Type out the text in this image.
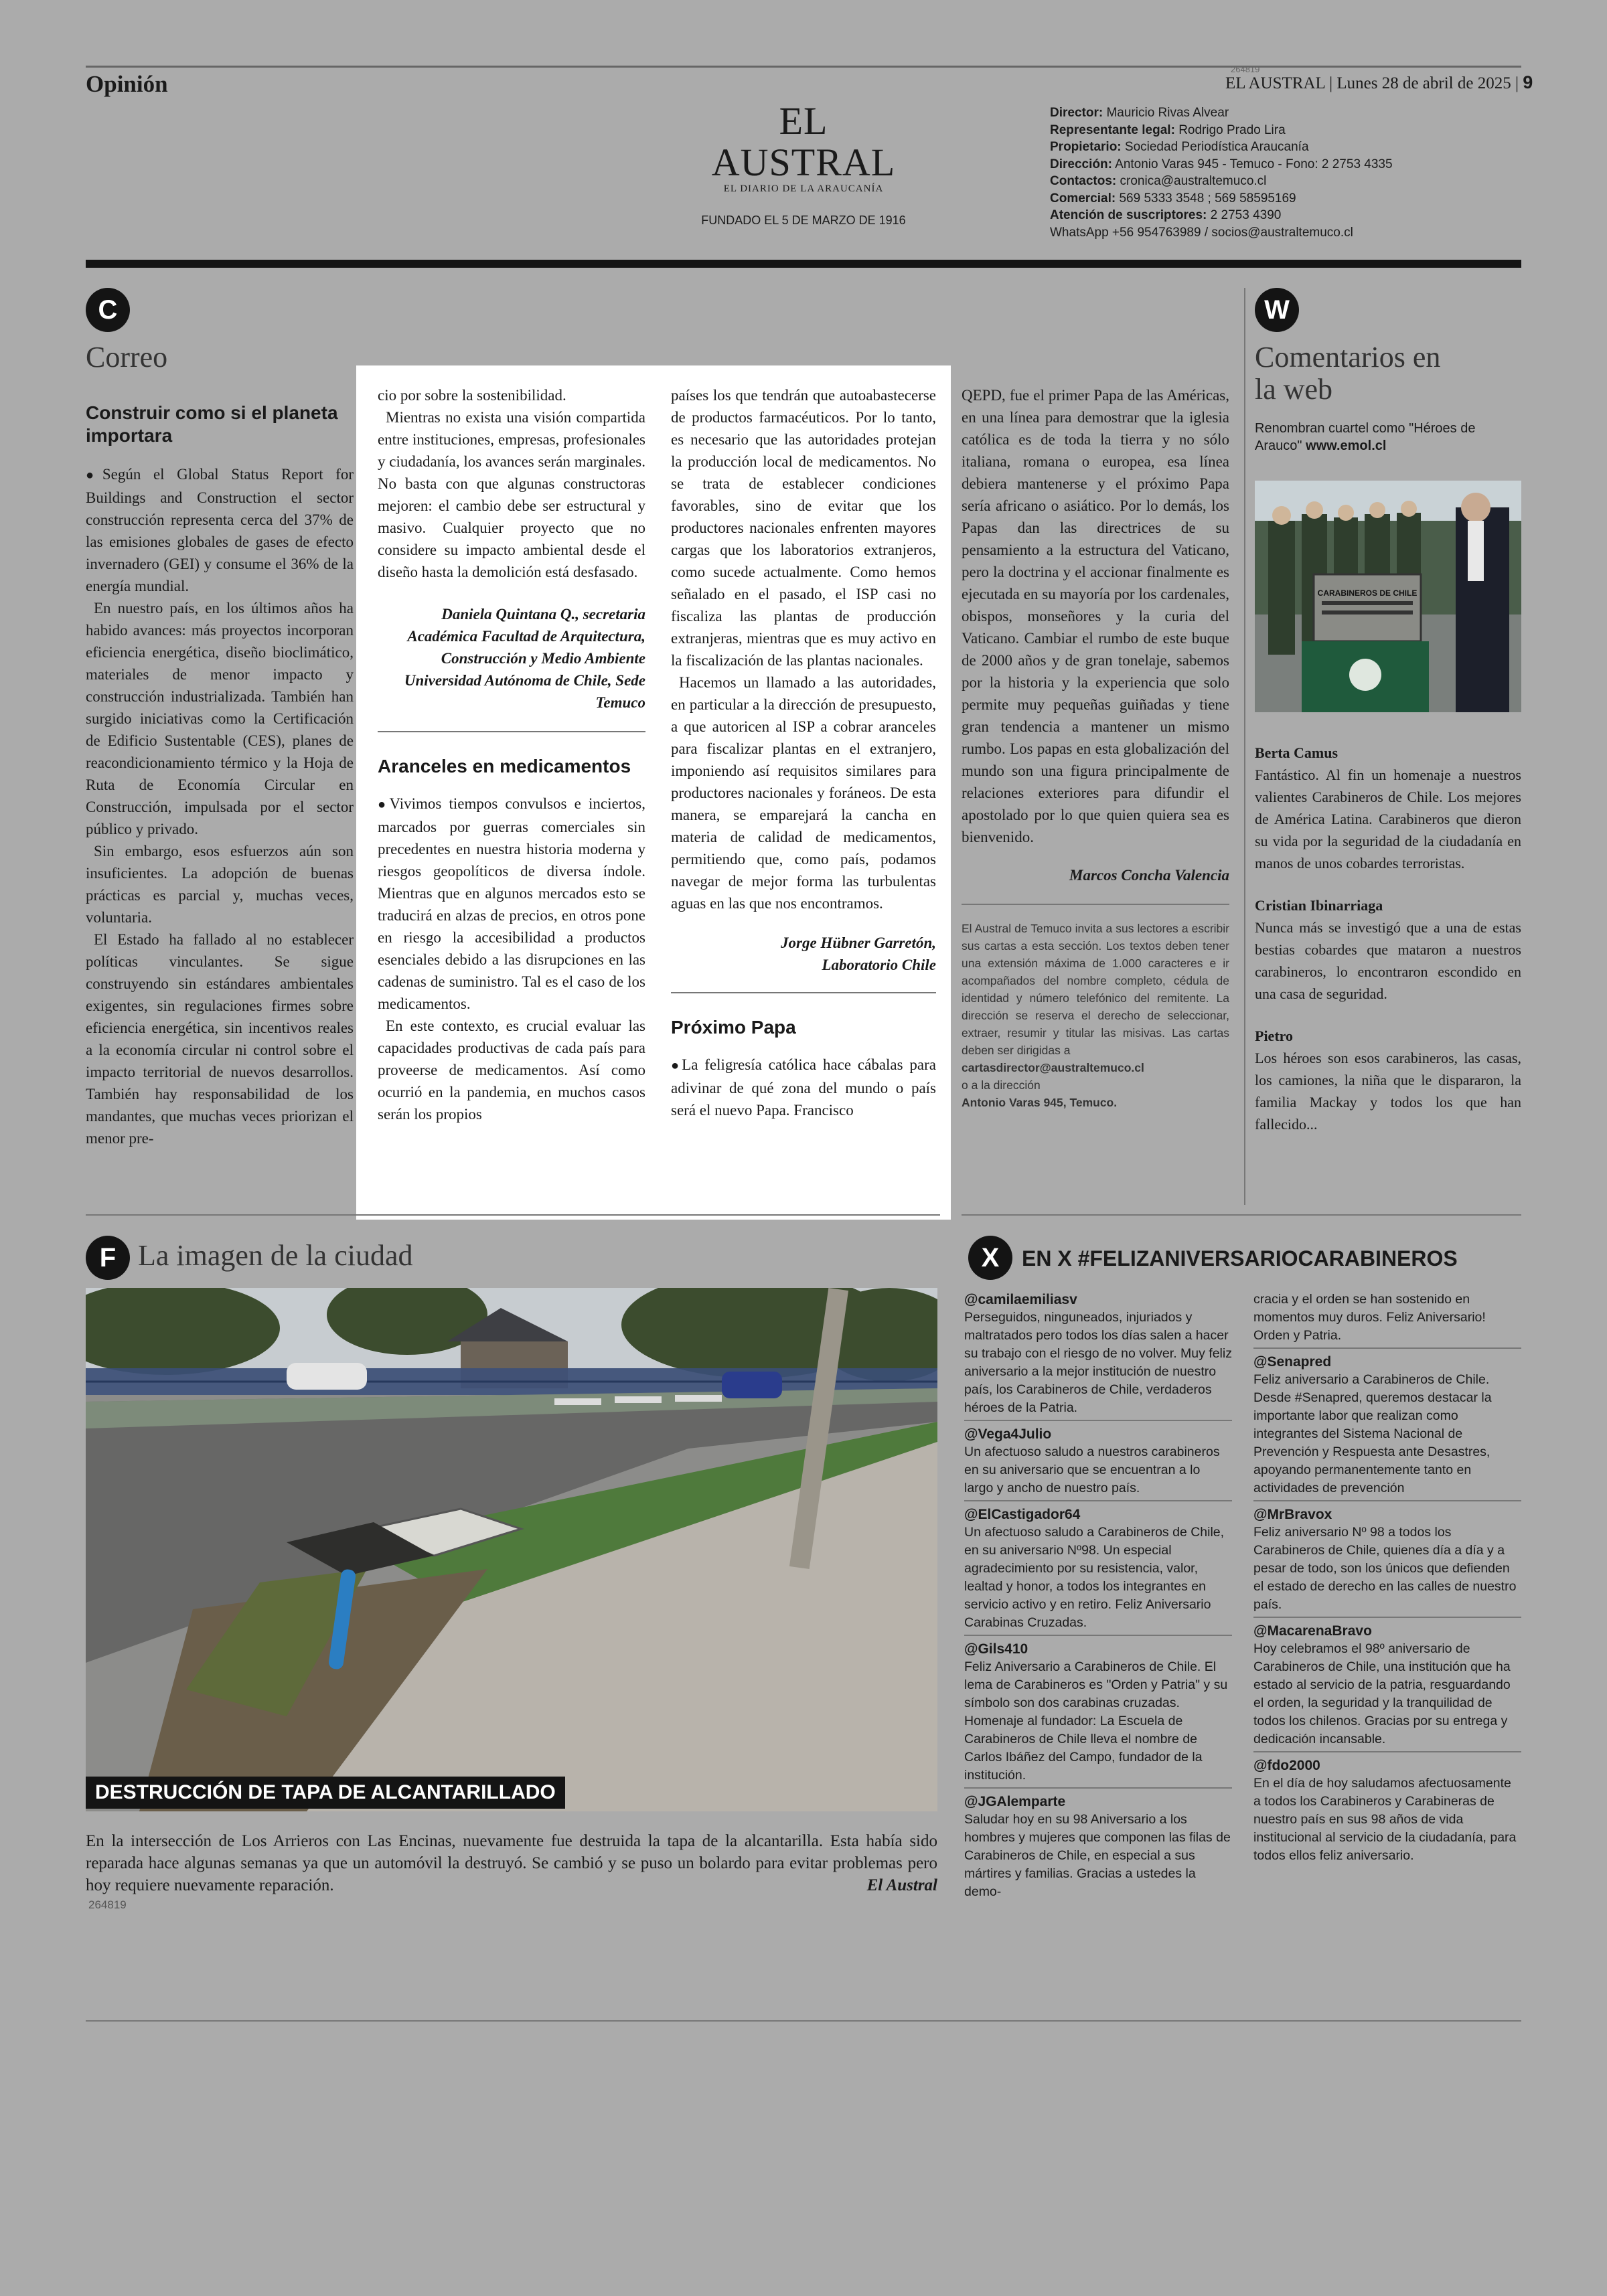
Opinión
264819
EL AUSTRAL | Lunes 28 de abril de 2025 | 9
EL AUSTRAL
EL DIARIO DE LA ARAUCANÍA
FUNDADO EL 5 DE MARZO DE 1916
Director: Mauricio Rivas Alvear
Representante legal: Rodrigo Prado Lira
Propietario: Sociedad Periodística Araucanía
Dirección: Antonio Varas 945 - Temuco - Fono: 2 2753 4335
Contactos: cronica@australtemuco.cl
Comercial: 569 5333 3548 ; 569 58595169
Atención de suscriptores: 2 2753 4390
WhatsApp +56 954763989 / socios@australtemuco.cl
C
Correo
Construir como si el planeta importara

●Según el Global Status Report for Buildings and Construction el sector construcción representa cerca del 37% de las emisiones globales de gases de efecto invernadero (GEI) y consume el 36% de la energía mundial.

En nuestro país, en los últimos años ha habido avances: más proyectos incorporan eficiencia energética, diseño bioclimático, materiales de menor impacto y construcción industrializada. También han surgido iniciativas como la Certificación de Edificio Sustentable (CES), planes de reacondicionamiento térmico y la Hoja de Ruta de Economía Circular en Construcción, impulsada por el sector público y privado.

Sin embargo, esos esfuerzos aún son insuficientes. La adopción de buenas prácticas es parcial y, muchas veces, voluntaria.

El Estado ha fallado al no establecer políticas vinculantes. Se sigue construyendo sin estándares ambientales exigentes, sin regulaciones firmes sobre eficiencia energética, sin incentivos reales a la economía circular ni control sobre el impacto territorial de nuevos desarrollos. También hay responsabilidad de los mandantes, que muchas veces priorizan el menor pre-

cio por sobre la sostenibilidad.

Mientras no exista una visión compartida entre instituciones, empresas, profesionales y ciudadanía, los avances serán marginales. No basta con que algunas constructoras mejoren: el cambio debe ser estructural y masivo. Cualquier proyecto que no considere su impacto ambiental desde el diseño hasta la demolición está desfasado.

Daniela Quintana Q., secretaria Académica Facultad de Arquitectura, Construcción y Medio Ambiente Universidad Autónoma de Chile, Sede Temuco
Aranceles en medicamentos

●Vivimos tiempos convulsos e inciertos, marcados por guerras comerciales sin precedentes en nuestra historia moderna y riesgos geopolíticos de diversa índole. Mientras que en algunos mercados esto se traducirá en alzas de precios, en otros pone en riesgo la accesibilidad a productos esenciales debido a las disrupciones en las cadenas de suministro. Tal es el caso de los medicamentos.

En este contexto, es crucial evaluar las capacidades productivas de cada país para proveerse de medicamentos. Así como ocurrió en la pandemia, en muchos casos serán los propios

países los que tendrán que autoabastecerse de productos farmacéuticos. Por lo tanto, es necesario que las autoridades protejan la producción local de medicamentos. No se trata de establecer condiciones favorables, sino de evitar que los productores nacionales enfrenten mayores cargas que los laboratorios extranjeros, como sucede actualmente. Como hemos señalado en el pasado, el ISP casi no fiscaliza las plantas de producción extranjeras, mientras que es muy activo en la fiscalización de las plantas nacionales.

Hacemos un llamado a las autoridades, en particular a la dirección de presupuesto, a que autoricen al ISP a cobrar aranceles para fiscalizar plantas en el extranjero, imponiendo así requisitos similares para productores nacionales y foráneos. De esta manera, se emparejará la cancha en materia de calidad de medicamentos, permitiendo que, como país, podamos navegar de mejor forma las turbulentas aguas en las que nos encontramos.

Jorge Hübner Garretón, Laboratorio Chile
Próximo Papa

●La feligresía católica hace cábalas para adivinar de qué zona del mundo o país será el nuevo Papa. Francisco

QEPD, fue el primer Papa de las Américas, en una línea para demostrar que la iglesia católica es de toda la tierra y no sólo italiana, romana o europea, esa línea debiera mantenerse y el próximo Papa sería africano o asiático. Por lo demás, los Papas dan las directrices de su pensamiento a la estructura del Vaticano, pero la doctrina y el accionar finalmente es ejecutada en su mayoría por los cardenales, obispos, monseñores y la curia del Vaticano. Cambiar el rumbo de este buque de 2000 años y de gran tonelaje, sabemos por la historia y la experiencia que solo permite muy pequeñas guiñadas y tiene gran tendencia a mantener un mismo rumbo. Los papas en esta globalización del mundo son una figura principalmente de relaciones exteriores para difundir el apostolado por lo que quien quiera sea es bienvenido.

Marcos Concha Valencia
El Austral de Temuco invita a sus lectores a escribir sus cartas a esta sección. Los textos deben tener una extensión máxima de 1.000 caracteres e ir acompañados del nombre completo, cédula de identidad y número telefónico del remitente. La dirección se reserva el derecho de seleccionar, extraer, resumir y titular las misivas. Las cartas deben ser dirigidas a
cartasdirector@australtemuco.cl
o a la dirección
Antonio Varas 945, Temuco.
W
Comentarios en la web
Renombran cuartel como "Héroes de Arauco" www.emol.cl
CARABINEROS DE CHILE
Berta Camus

Fantástico. Al fin un homenaje a nuestros valientes Carabineros de Chile. Los mejores de América Latina. Carabineros que dieron su vida por la seguridad de la ciudadanía en manos de unos cobardes terroristas.

Cristian Ibinarriaga

Nunca más se investigó que a una de estas bestias cobardes que mataron a nuestros carabineros, lo encontraron escondido en una casa de seguridad.

Pietro

Los héroes son esos carabineros, las casas, los camiones, la niña que le dispararon, la familia Mackay y todos los que han fallecido...

F La imagen de la ciudad
DESTRUCCIÓN DE TAPA DE ALCANTARILLADO
En la intersección de Los Arrieros con Las Encinas, nuevamente fue destruida la tapa de la alcantarilla. Esta había sido reparada hace algunas semanas ya que un automóvil la destruyó. Se cambió y se puso un bolardo para evitar problemas pero hoy requiere nuevamente reparación.	El Austral
264819
X	EN X #FELIZANIVERSARIOCARABINEROS
@camilaemiliasv
Perseguidos, ninguneados, injuriados y maltratados pero todos los días salen a hacer su trabajo con el riesgo de no volver. Muy feliz aniversario a la mejor institución de nuestro país, los Carabineros de Chile, verdaderos héroes de la Patria.
@Vega4Julio
Un afectuoso saludo a nuestros carabineros en su aniversario que se encuentran a lo largo y ancho de nuestro país.
@ElCastigador64
Un afectuoso saludo a Carabineros de Chile, en su aniversario Nº98. Un especial agradecimiento por su resistencia, valor, lealtad y honor, a todos los integrantes en servicio activo y en retiro. Feliz Aniversario Carabinas Cruzadas.
@Gils410
Feliz Aniversario a Carabineros de Chile. El lema de Carabineros es "Orden y Patria" y su símbolo son dos carabinas cruzadas. Homenaje al fundador: La Escuela de Carabineros de Chile lleva el nombre de Carlos Ibáñez del Campo, fundador de la institución.
@JGAlemparte
Saludar hoy en su 98 Aniversario a los hombres y mujeres que componen las filas de Carabineros de Chile, en especial a sus mártires y familias. Gracias a ustedes la demo-
cracia y el orden se han sostenido en momentos muy duros. Feliz Aniversario! Orden y Patria.
@Senapred
Feliz aniversario a Carabineros de Chile. Desde #Senapred, queremos destacar la importante labor que realizan como integrantes del Sistema Nacional de Prevención y Respuesta ante Desastres, apoyando permanentemente tanto en actividades de prevención
@MrBravox
Feliz aniversario Nº 98 a todos los Carabineros de Chile, quienes día a día y a pesar de todo, son los únicos que defienden el estado de derecho en las calles de nuestro país.
@MacarenaBravo
Hoy celebramos el 98º aniversario de Carabineros de Chile, una institución que ha estado al servicio de la patria, resguardando el orden, la seguridad y la tranquilidad de todos los chilenos. Gracias por su entrega y dedicación incansable.
@fdo2000
En el día de hoy saludamos afectuosamente a todos los Carabineros y Carabineras de nuestro país en sus 98 años de vida institucional al servicio de la ciudadanía, para todos ellos feliz aniversario.
